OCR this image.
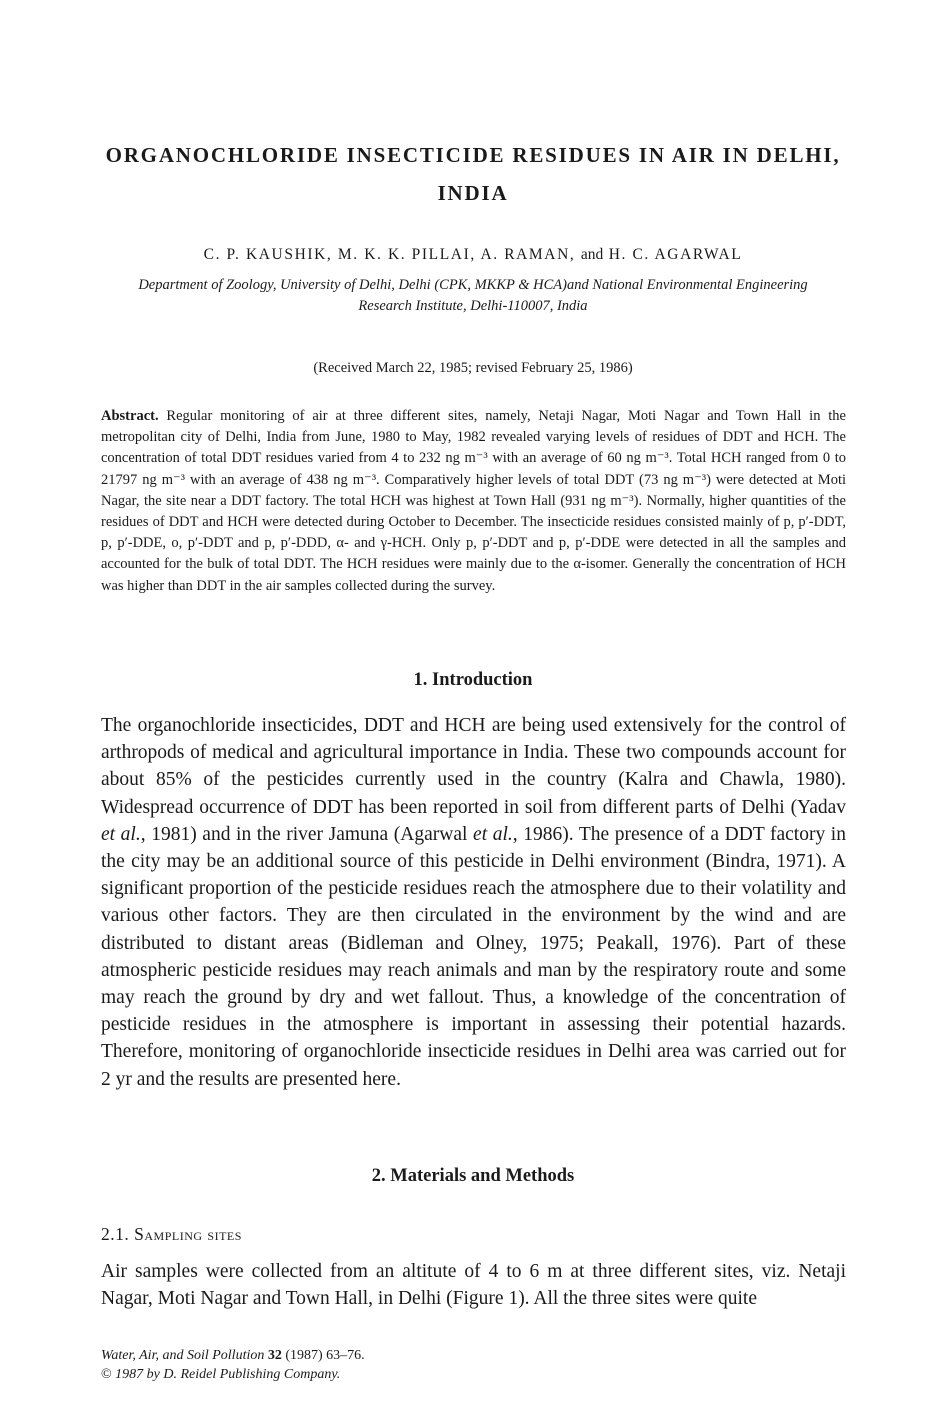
ORGANOCHLORIDE INSECTICIDE RESIDUES IN AIR IN DELHI, INDIA
C. P. KAUSHIK, M. K. K. PILLAI, A. RAMAN, and H. C. AGARWAL
Department of Zoology, University of Delhi, Delhi (CPK, MKKP & HCA)and National Environmental Engineering Research Institute, Delhi-110007, India
(Received March 22, 1985; revised February 25, 1986)

Abstract. Regular monitoring of air at three different sites, namely, Netaji Nagar, Moti Nagar and Town Hall in the metropolitan city of Delhi, India from June, 1980 to May, 1982 revealed varying levels of residues of DDT and HCH. The concentration of total DDT residues varied from 4 to 232 ng m⁻³ with an average of 60 ng m⁻³. Total HCH ranged from 0 to 21797 ng m⁻³ with an average of 438 ng m⁻³. Comparatively higher levels of total DDT (73 ng m⁻³) were detected at Moti Nagar, the site near a DDT factory. The total HCH was highest at Town Hall (931 ng m⁻³). Normally, higher quantities of the residues of DDT and HCH were detected during October to December. The insecticide residues consisted mainly of p, p′-DDT, p, p′-DDE, o, p′-DDT and p, p′-DDD, α- and γ-HCH. Only p, p′-DDT and p, p′-DDE were detected in all the samples and accounted for the bulk of total DDT. The HCH residues were mainly due to the α-isomer. Generally the concentration of HCH was higher than DDT in the air samples collected during the survey.

1. Introduction

The organochloride insecticides, DDT and HCH are being used extensively for the control of arthropods of medical and agricultural importance in India. These two compounds account for about 85% of the pesticides currently used in the country (Kalra and Chawla, 1980). Widespread occurrence of DDT has been reported in soil from different parts of Delhi (Yadav et al., 1981) and in the river Jamuna (Agarwal et al., 1986). The presence of a DDT factory in the city may be an additional source of this pesticide in Delhi environment (Bindra, 1971). A significant proportion of the pesticide residues reach the atmosphere due to their volatility and various other factors. They are then circulated in the environment by the wind and are distributed to distant areas (Bidleman and Olney, 1975; Peakall, 1976). Part of these atmospheric pesticide residues may reach animals and man by the respiratory route and some may reach the ground by dry and wet fallout. Thus, a knowledge of the concentration of pesticide residues in the atmosphere is important in assessing their potential hazards. Therefore, monitoring of organochloride insecticide residues in Delhi area was carried out for 2 yr and the results are presented here.

2. Materials and Methods
2.1. Sampling sites

Air samples were collected from an altitute of 4 to 6 m at three different sites, viz. Netaji Nagar, Moti Nagar and Town Hall, in Delhi (Figure 1). All the three sites were quite

Water, Air, and Soil Pollution 32 (1987) 63–76.
© 1987 by D. Reidel Publishing Company.
